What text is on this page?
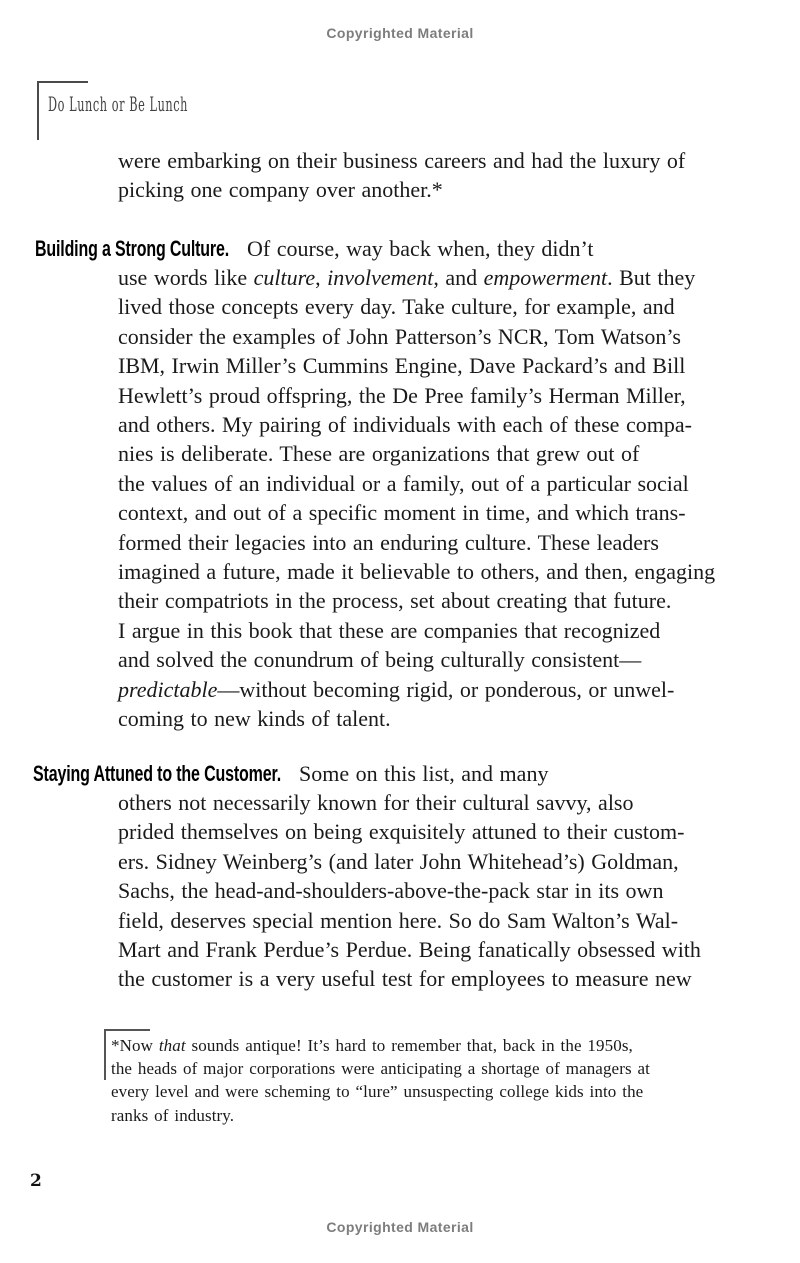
Copyrighted Material
Do Lunch or Be Lunch
were embarking on their business careers and had the luxury of
picking one company over another.*
Building a Strong Culture. Of course, way back when, they didn’t
use words like culture, involvement, and empowerment. But they
lived those concepts every day. Take culture, for example, and
consider the examples of John Patterson’s NCR, Tom Watson’s
IBM, Irwin Miller’s Cummins Engine, Dave Packard’s and Bill
Hewlett’s proud offspring, the De Pree family’s Herman Miller,
and others. My pairing of individuals with each of these compa-
nies is deliberate. These are organizations that grew out of
the values of an individual or a family, out of a particular social
context, and out of a specific moment in time, and which trans-
formed their legacies into an enduring culture. These leaders
imagined a future, made it believable to others, and then, engaging
their compatriots in the process, set about creating that future.
I argue in this book that these are companies that recognized
and solved the conundrum of being culturally consistent—
predictable—without becoming rigid, or ponderous, or unwel-
coming to new kinds of talent.
Staying Attuned to the Customer. Some on this list, and many
others not necessarily known for their cultural savvy, also
prided themselves on being exquisitely attuned to their custom-
ers. Sidney Weinberg’s (and later John Whitehead’s) Goldman,
Sachs, the head-and-shoulders-above-the-pack star in its own
field, deserves special mention here. So do Sam Walton’s Wal-
Mart and Frank Perdue’s Perdue. Being fanatically obsessed with
the customer is a very useful test for employees to measure new
*Now that sounds antique! It’s hard to remember that, back in the 1950s,
the heads of major corporations were anticipating a shortage of managers at
every level and were scheming to “lure” unsuspecting college kids into the
ranks of industry.
2
Copyrighted Material
